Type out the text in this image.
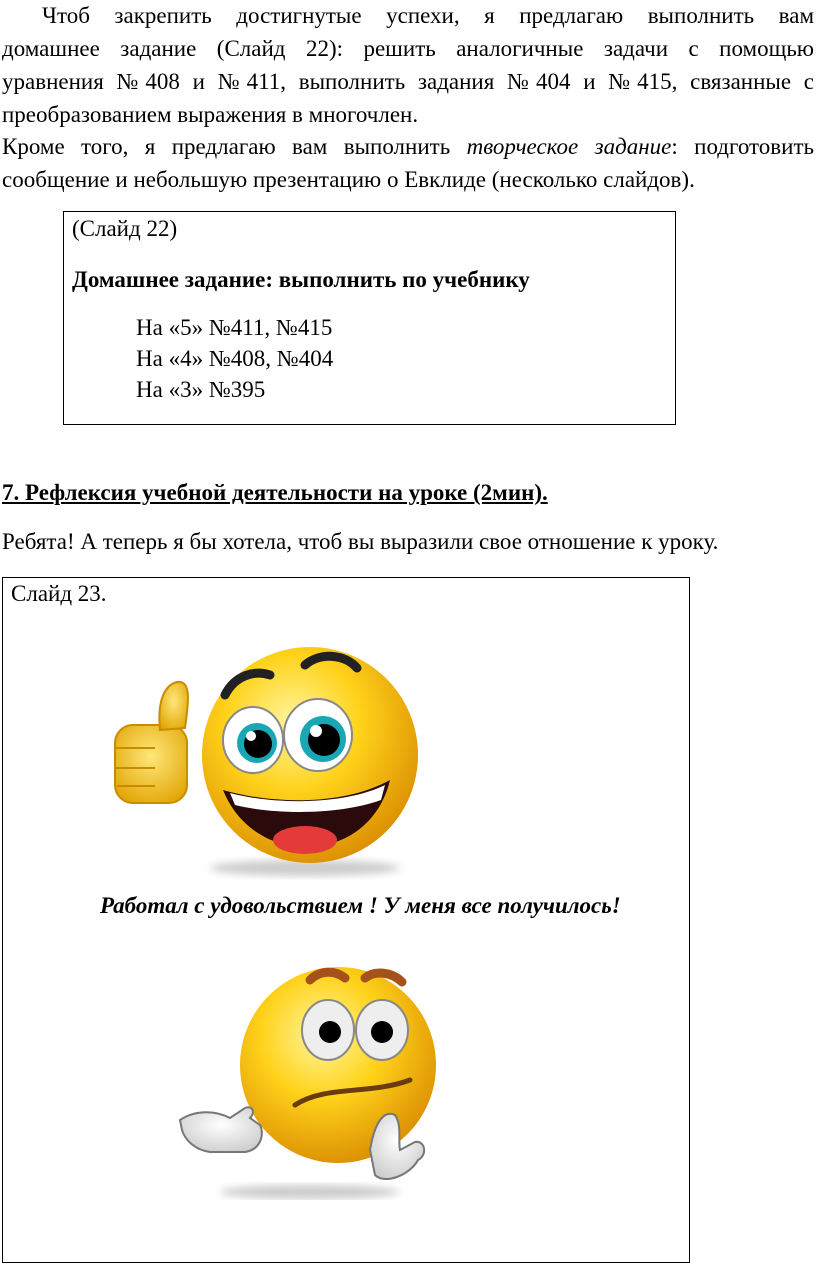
Чтоб закрепить достигнутые успехи, я предлагаю выполнить вам
домашнее задание (Слайд 22): решить аналогичные задачи с помощью
уравнения №408 и №411, выполнить задания №404 и №415, связанные с
преобразованием выражения в многочлен.
Кроме того, я предлагаю вам выполнить творческое задание: подготовить
сообщение и небольшую презентацию о Евклиде (несколько слайдов).
(Слайд 22)
Домашнее задание: выполнить по учебнику
На «5» №411, №415
На «4» №408, №404
На «3» №395
7. Рефлексия учебной деятельности на уроке (2мин).
Ребята! А теперь я бы хотела, чтоб вы выразили свое отношение к уроку.
Слайд 23.
Работал с удовольствием ! У меня все получилось!
